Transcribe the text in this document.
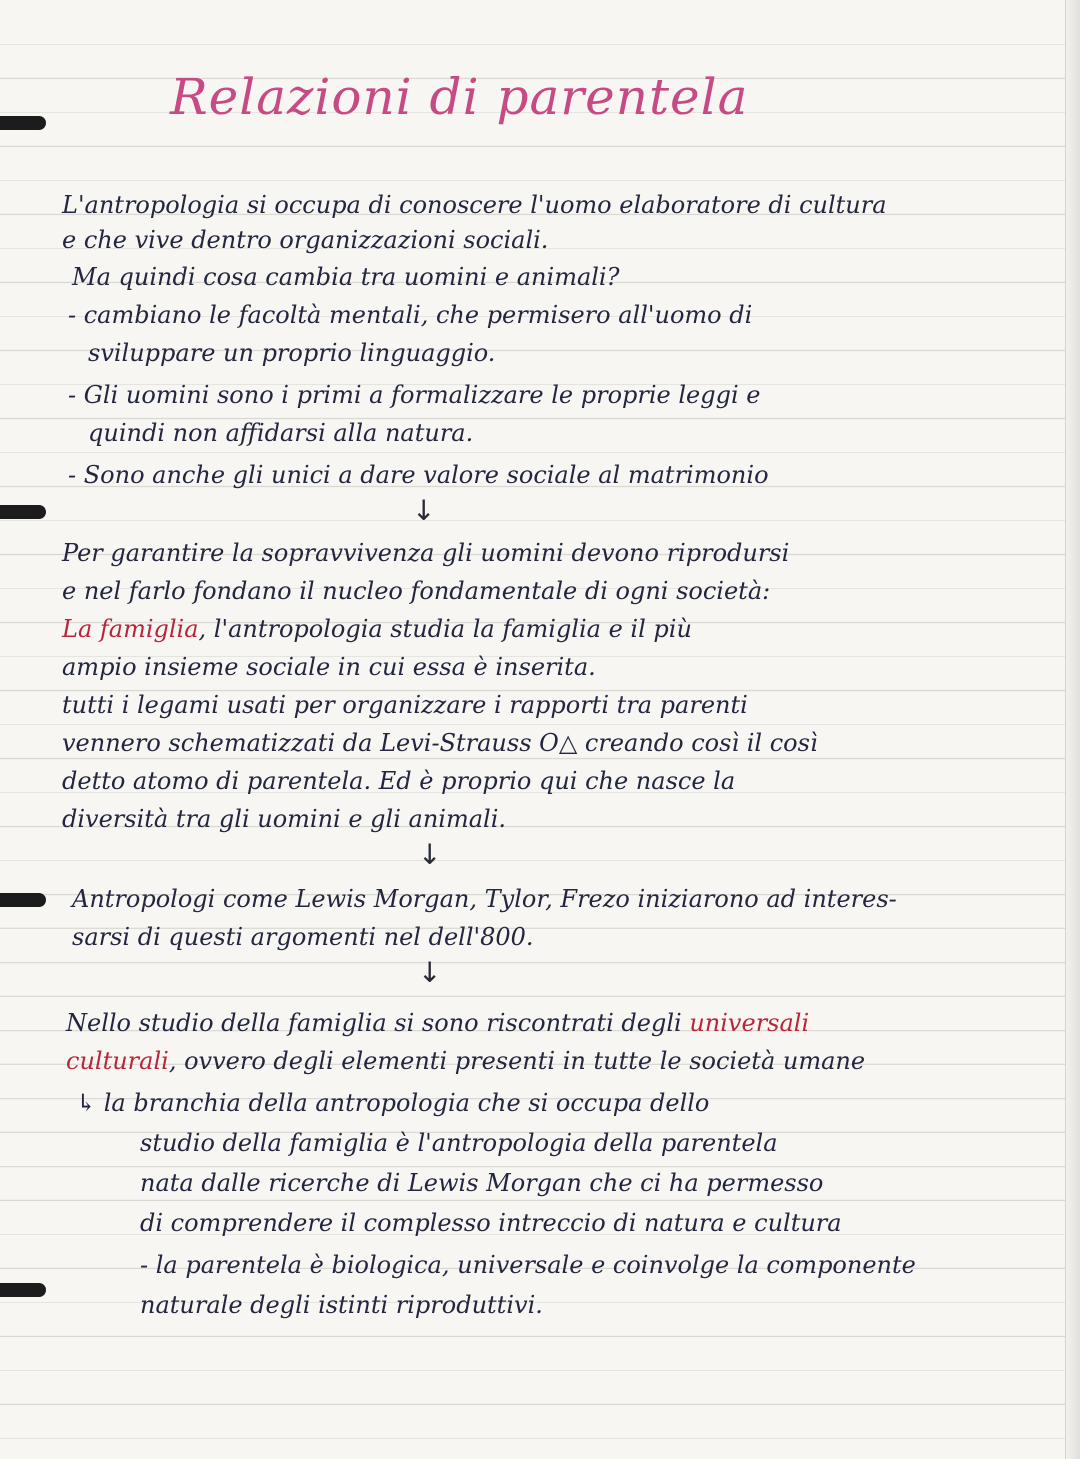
Relazioni di parentela
L'antropologia si occupa di conoscere l'uomo elaboratore di cultura
e che vive dentro organizzazioni sociali.
Ma quindi cosa cambia tra uomini e animali?
- cambiano le facoltà mentali, che permisero all'uomo di
sviluppare un proprio linguaggio.
- Gli uomini sono i primi a formalizzare le proprie leggi e
quindi non affidarsi alla natura.
- Sono anche gli unici a dare valore sociale al matrimonio
↓
Per garantire la sopravvivenza gli uomini devono riprodursi
e nel farlo fondano il nucleo fondamentale di ogni società:
La famiglia, l'antropologia studia la famiglia e il più
ampio insieme sociale in cui essa è inserita.
tutti i legami usati per organizzare i rapporti tra parenti
vennero schematizzati da Levi-Strauss O△ creando così il così
detto atomo di parentela. Ed è proprio qui che nasce la
diversità tra gli uomini e gli animali.
↓
Antropologi come Lewis Morgan, Tylor, Frezo iniziarono ad interes-
sarsi di questi argomenti nel dell'800.
↓
Nello studio della famiglia si sono riscontrati degli universali
culturali, ovvero degli elementi presenti in tutte le società umane
↳ la branchia della antropologia che si occupa dello
studio della famiglia è l'antropologia della parentela
nata dalle ricerche di Lewis Morgan che ci ha permesso
di comprendere il complesso intreccio di natura e cultura
- la parentela è biologica, universale e coinvolge la componente
naturale degli istinti riproduttivi.
